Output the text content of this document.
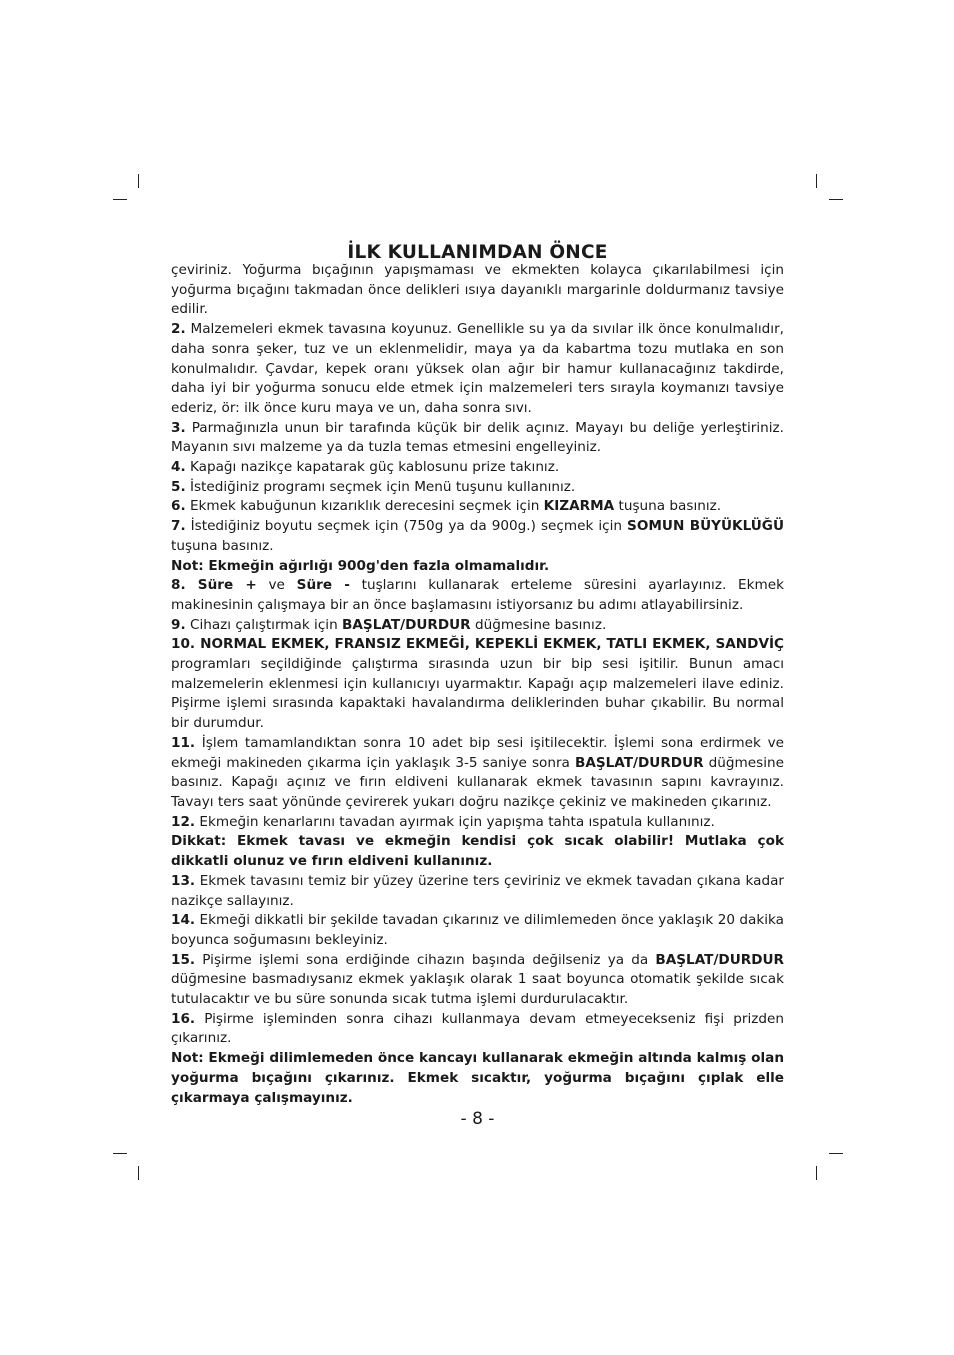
İLK KULLANIMDAN ÖNCE

çeviriniz. Yoğurma bıçağının yapışmaması ve ekmekten kolayca çıkarılabilmesi için yoğurma bıçağını takmadan önce delikleri ısıya dayanıklı margarinle doldurmanız tavsiye edilir.

2. Malzemeleri ekmek tavasına koyunuz. Genellikle su ya da sıvılar ilk önce konulmalıdır, daha sonra şeker, tuz ve un eklenmelidir, maya ya da kabartma tozu mutlaka en son konulmalıdır. Çavdar, kepek oranı yüksek olan ağır bir hamur kullanacağınız takdirde, daha iyi bir yoğurma sonucu elde etmek için malzemeleri ters sırayla koymanızı tavsiye ederiz, ör: ilk önce kuru maya ve un, daha sonra sıvı.

3. Parmağınızla unun bir tarafında küçük bir delik açınız. Mayayı bu deliğe yerleştiriniz. Mayanın sıvı malzeme ya da tuzla temas etmesini engelleyiniz.

4. Kapağı nazikçe kapatarak güç kablosunu prize takınız.

5. İstediğiniz programı seçmek için Menü tuşunu kullanınız.

6. Ekmek kabuğunun kızarıklık derecesini seçmek için KIZARMA tuşuna basınız.

7. İstediğiniz boyutu seçmek için (750g ya da 900g.) seçmek için SOMUN BÜYÜKLÜĞÜ tuşuna basınız.

Not: Ekmeğin ağırlığı 900g'den fazla olmamalıdır.

8. Süre + ve Süre - tuşlarını kullanarak erteleme süresini ayarlayınız. Ekmek makinesinin çalışmaya bir an önce başlamasını istiyorsanız bu adımı atlayabilirsiniz.

9. Cihazı çalıştırmak için BAŞLAT/DURDUR düğmesine basınız.

10. NORMAL EKMEK, FRANSIZ EKMEĞİ, KEPEKLİ EKMEK, TATLI EKMEK, SANDVİÇ programları seçildiğinde çalıştırma sırasında uzun bir bip sesi işitilir. Bunun amacı malzemelerin eklenmesi için kullanıcıyı uyarmaktır. Kapağı açıp malzemeleri ilave ediniz. Pişirme işlemi sırasında kapaktaki havalandırma deliklerinden buhar çıkabilir. Bu normal bir durumdur.

11. İşlem tamamlandıktan sonra 10 adet bip sesi işitilecektir. İşlemi sona erdirmek ve ekmeği makineden çıkarma için yaklaşık 3-5 saniye sonra BAŞLAT/DURDUR düğmesine basınız. Kapağı açınız ve fırın eldiveni kullanarak ekmek tavasının sapını kavrayınız. Tavayı ters saat yönünde çevirerek yukarı doğru nazikçe çekiniz ve makineden çıkarınız.

12. Ekmeğin kenarlarını tavadan ayırmak için yapışma tahta ıspatula kullanınız.

Dikkat: Ekmek tavası ve ekmeğin kendisi çok sıcak olabilir! Mutlaka çok dikkatli olunuz ve fırın eldiveni kullanınız.

13. Ekmek tavasını temiz bir yüzey üzerine ters çeviriniz ve ekmek tavadan çıkana kadar nazikçe sallayınız.

14. Ekmeği dikkatli bir şekilde tavadan çıkarınız ve dilimlemeden önce yaklaşık 20 dakika boyunca soğumasını bekleyiniz.

15. Pişirme işlemi sona erdiğinde cihazın başında değilseniz ya da BAŞLAT/DURDUR düğmesine basmadıysanız ekmek yaklaşık olarak 1 saat boyunca otomatik şekilde sıcak tutulacaktır ve bu süre sonunda sıcak tutma işlemi durdurulacaktır.

16. Pişirme işleminden sonra cihazı kullanmaya devam etmeyecekseniz fişi prizden çıkarınız.

Not: Ekmeği dilimlemeden önce kancayı kullanarak ekmeğin altında kalmış olan yoğurma bıçağını çıkarınız. Ekmek sıcaktır, yoğurma bıçağını çıplak elle çıkarmaya çalışmayınız.

- 8 -
